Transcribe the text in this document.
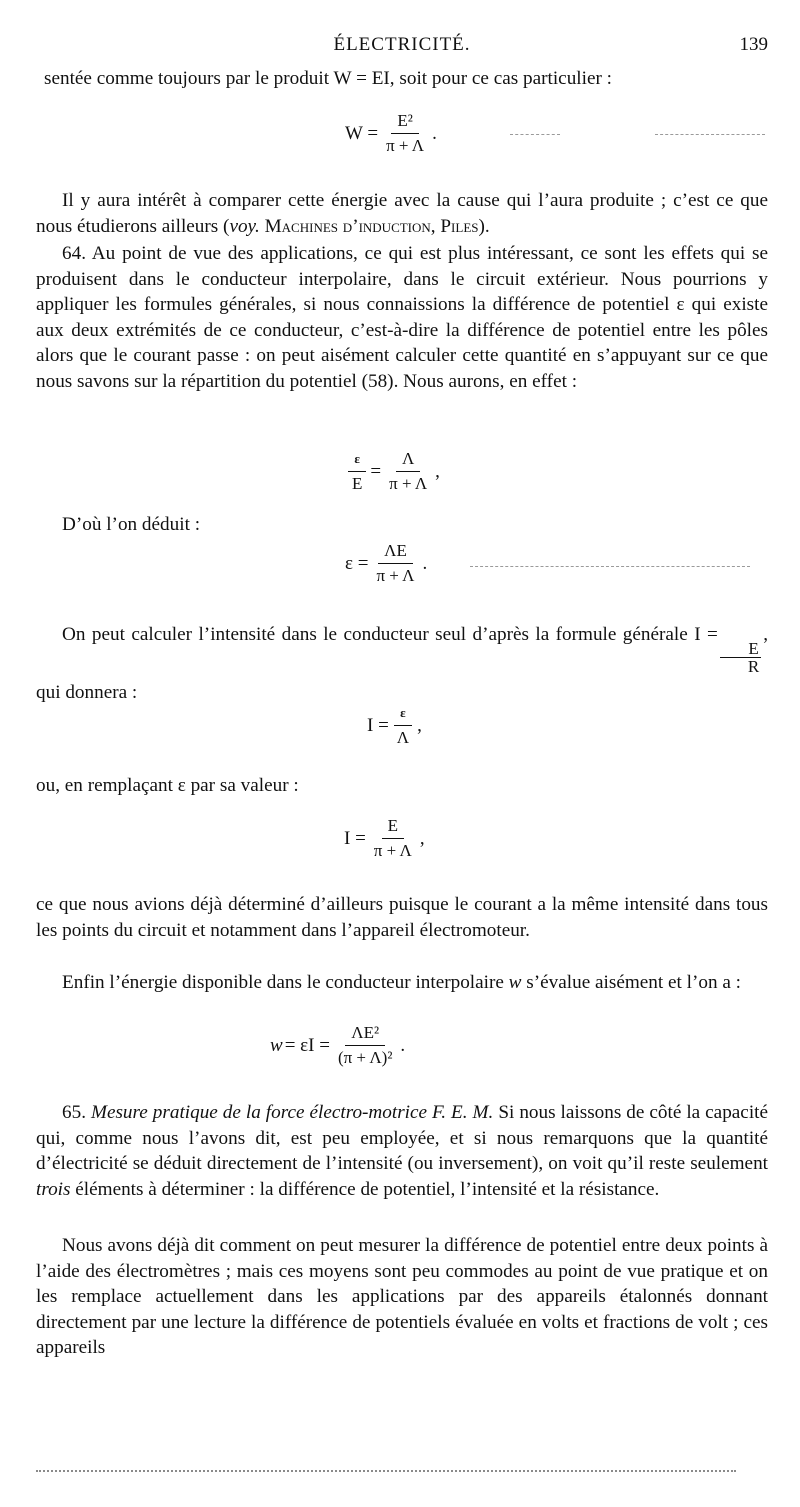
ÉLECTRICITÉ.	139

sentée comme toujours par le produit W = EI, soit pour ce cas particulier :

$W = \frac{\text{E²}}{\pi + \Lambda}$ .

Il y aura intérêt à comparer cette énergie avec la cause qui l’aura produite ; c’est ce que nous étudierons ailleurs (voy. Machines d’induction, Piles).

64. Au point de vue des applications, ce qui est plus intéressant, ce sont les effets qui se produisent dans le conducteur interpolaire, dans le circuit extérieur. Nous pourrions y appliquer les formules générales, si nous connaissions la différence de potentiel ε qui existe aux deux extrémités de ce conducteur, c’est-à-dire la différence de potentiel entre les pôles alors que le courant passe : on peut aisément calculer cette quantité en s’appuyant sur ce que nous savons sur la répartition du potentiel (58). Nous aurons, en effet :

$\frac{\varepsilon}{E} = \frac{\Lambda}{\pi + \Lambda}$ ,

D’où l’on déduit :

$\varepsilon = \frac{\Lambda E}{\pi + \Lambda}$ .

On peut calculer l’intensité dans le conducteur seul d’après la formule générale I =
$\frac{E}{R}$
, qui donnera :

$I = \frac{\varepsilon}{\Lambda}$ ,

ou, en remplaçant ε par sa valeur :

$I = \frac{E}{\pi + \Lambda}$ ,

ce que nous avions déjà déterminé d’ailleurs puisque le courant a la même intensité dans tous les points du circuit et notamment dans l’appareil électromoteur.

Enfin l’énergie disponible dans le conducteur interpolaire w s’évalue aisément et l’on a :

$w = \varepsilon I = \frac{\text{ΛE²}}{\text{(π + Λ)²}}$ .

65. Mesure pratique de la force électro-motrice F. E. M. Si nous laissons de côté la capacité qui, comme nous l’avons dit, est peu employée, et si nous remarquons que la quantité d’électricité se déduit directement de l’intensité (ou inversement), on voit qu’il reste seulement trois éléments à déterminer : la différence de potentiel, l’intensité et la résistance.

Nous avons déjà dit comment on peut mesurer la différence de potentiel entre deux points à l’aide des électromètres ; mais ces moyens sont peu commodes au point de vue pratique et on les remplace actuellement dans les applications par des appareils étalonnés donnant directement par une lecture la différence de potentiels évaluée en volts et fractions de volt ; ces appareils
